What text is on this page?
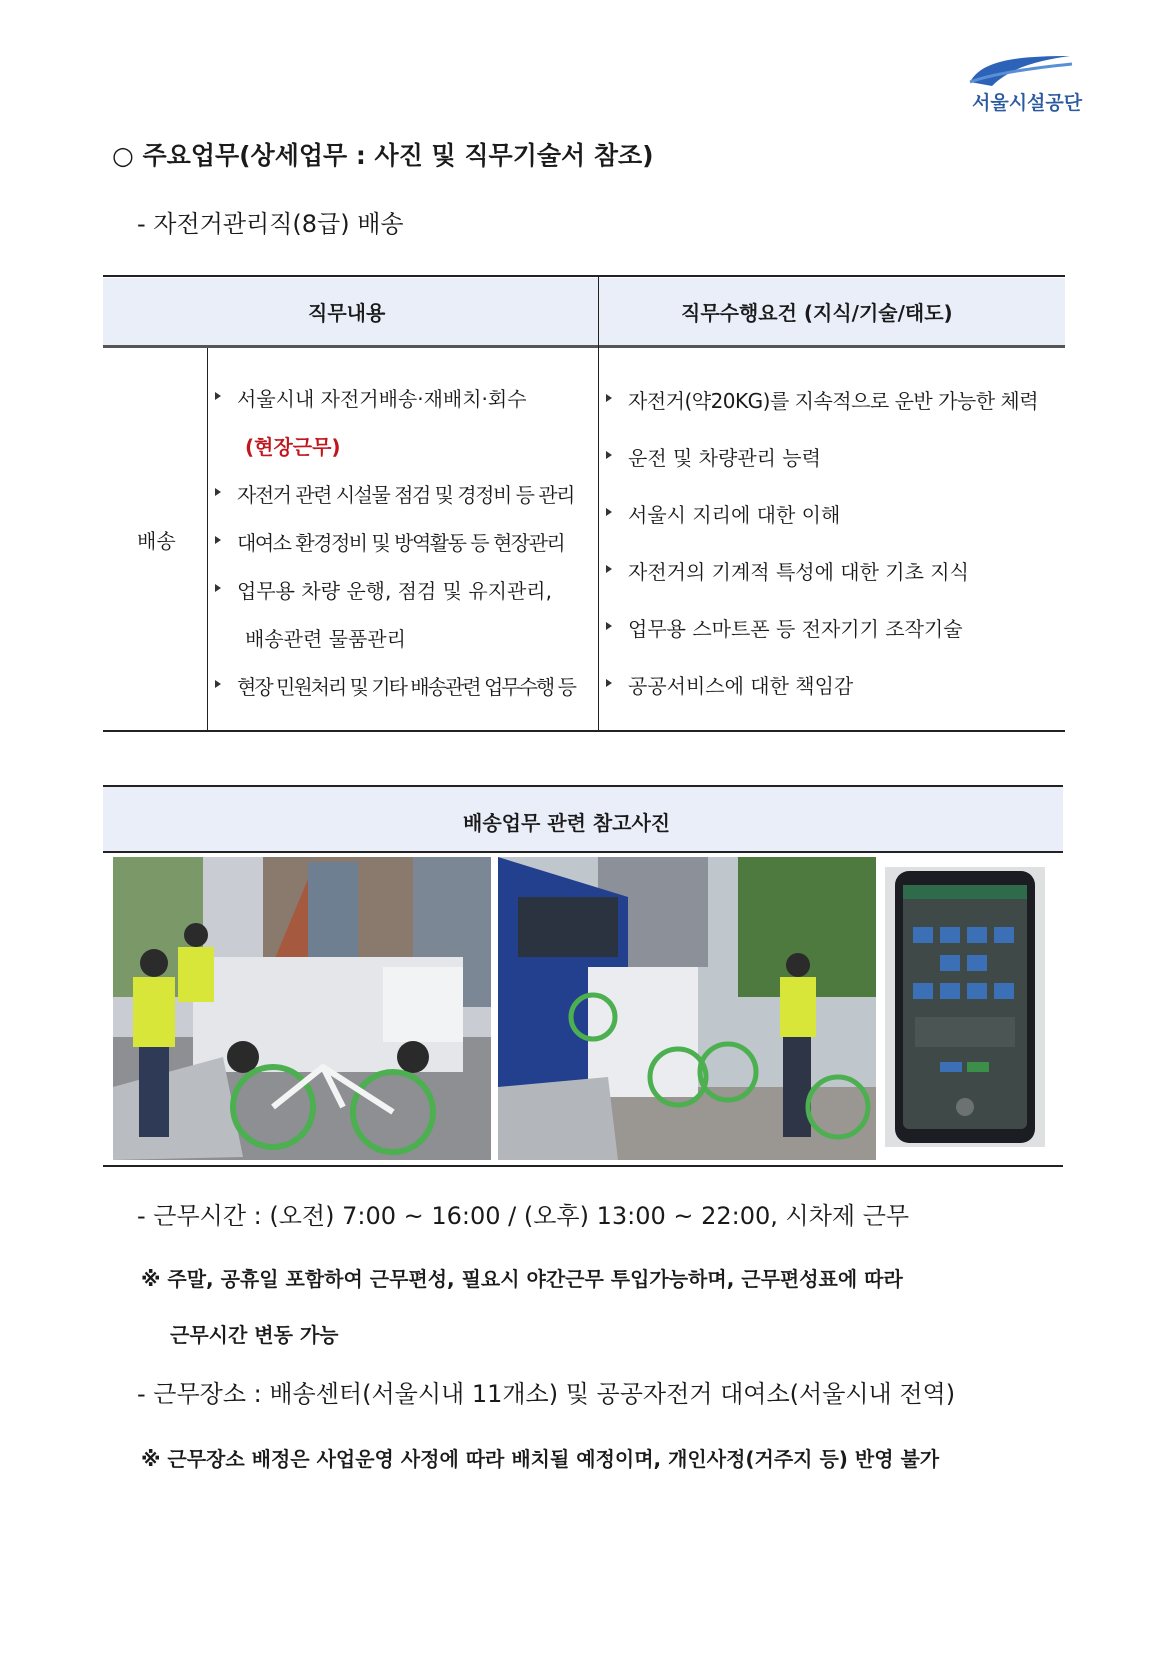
서울시설공단
○ 주요업무(상세업무 : 사진 및 직무기술서 참조)
- 자전거관리직(8급) 배송
직무내용	직무수행요건 (지식/기술/태도)
배송
서울시내 자전거배송·재배치·회수
(현장근무)
자전거 관련 시설물 점검 및 경정비 등 관리
대여소 환경정비 및 방역활동 등 현장관리
업무용 차량 운행, 점검 및 유지관리,
배송관련 물품관리
현장 민원처리 및 기타 배송관련 업무수행 등
자전거(약20KG)를 지속적으로 운반 가능한 체력
운전 및 차량관리 능력
서울시 지리에 대한 이해
자전거의 기계적 특성에 대한 기초 지식
업무용 스마트폰 등 전자기기 조작기술
공공서비스에 대한 책임감
배송업무 관련 참고사진
- 근무시간 : (오전) 7:00 ~ 16:00 / (오후) 13:00 ~ 22:00, 시차제 근무
※ 주말, 공휴일 포함하여 근무편성, 필요시 야간근무 투입가능하며, 근무편성표에 따라
근무시간 변동 가능
- 근무장소 : 배송센터(서울시내 11개소) 및 공공자전거 대여소(서울시내 전역)
※ 근무장소 배정은 사업운영 사정에 따라 배치될 예정이며, 개인사정(거주지 등) 반영 불가
